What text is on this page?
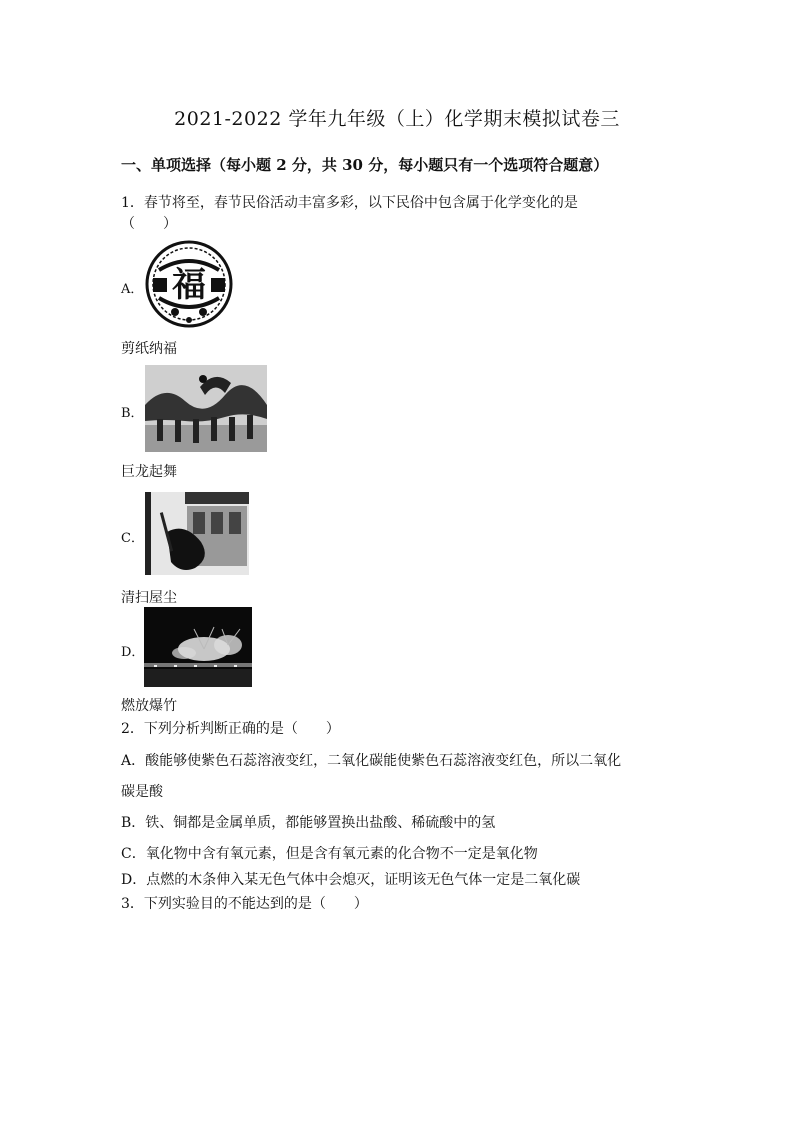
2021-2022 学年九年级（上）化学期末模拟试卷三
一、单项选择（每小题 2 分，共 30 分，每小题只有一个选项符合题意）
1．春节将至，春节民俗活动丰富多彩，以下民俗中包含属于化学变化的是
（　　）
A． 福
剪纸纳福
B．
巨龙起舞
C．
清扫屋尘
D．
燃放爆竹
2．下列分析判断正确的是（　　）
A．酸能够使紫色石蕊溶液变红，二氧化碳能使紫色石蕊溶液变红色，所以二氧化
碳是酸
B．铁、铜都是金属单质，都能够置换出盐酸、稀硫酸中的氢
C．氧化物中含有氧元素，但是含有氧元素的化合物不一定是氧化物
D．点燃的木条伸入某无色气体中会熄灭，证明该无色气体一定是二氧化碳
3．下列实验目的不能达到的是（　　）
